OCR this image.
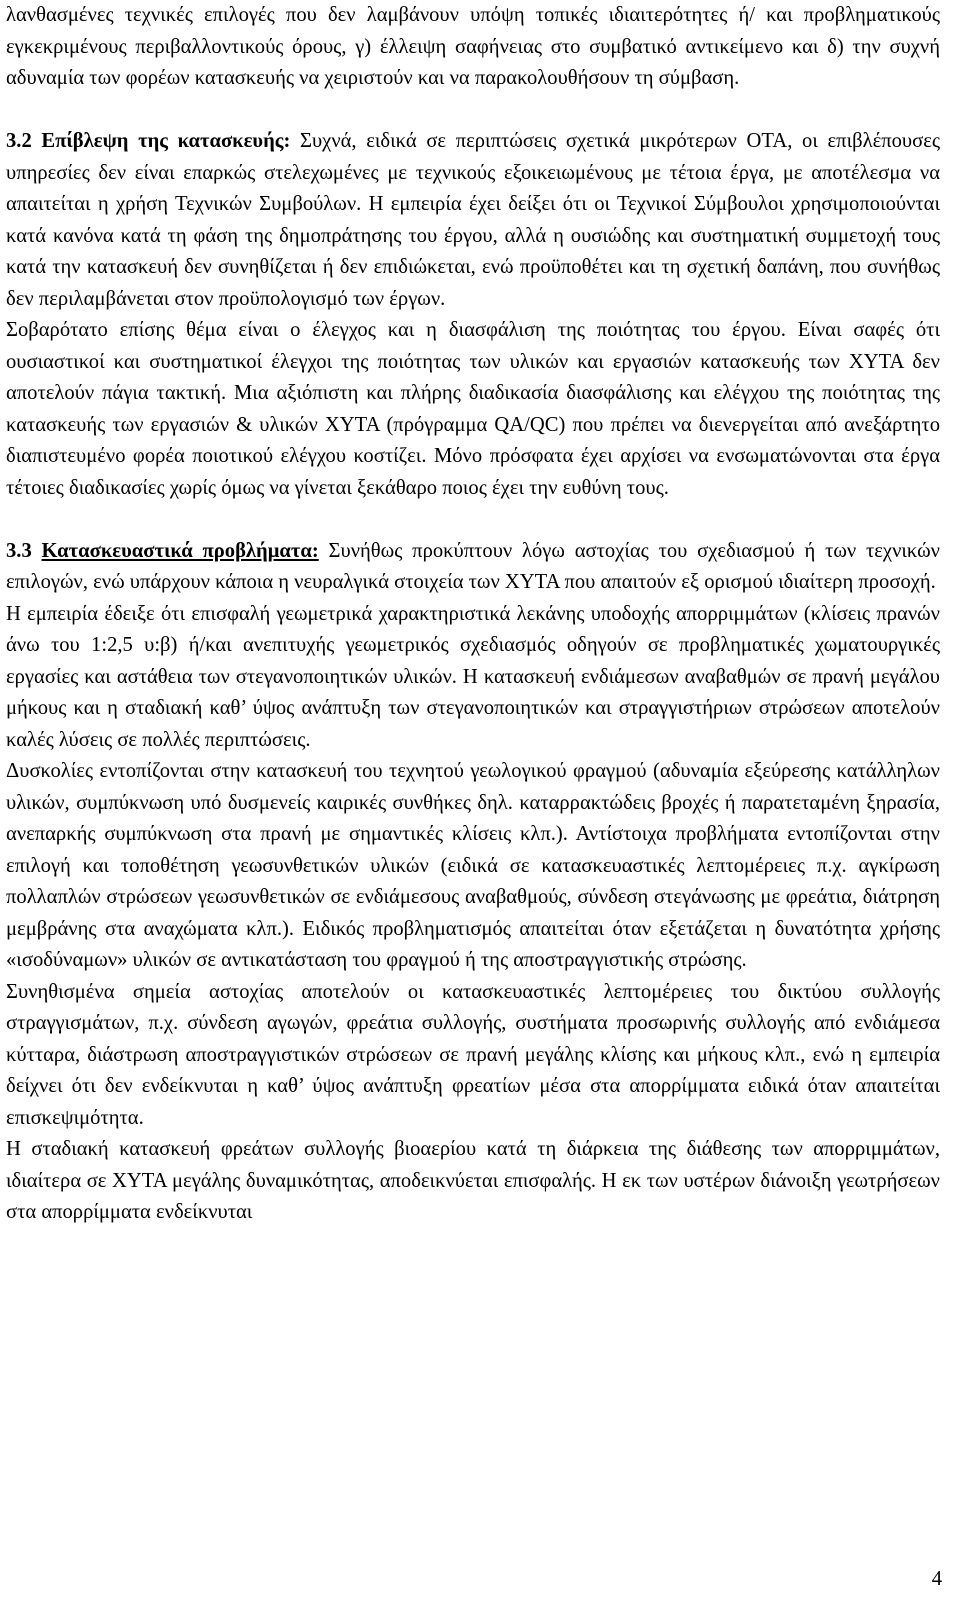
λανθασμένες τεχνικές επιλογές που δεν λαμβάνουν υπόψη τοπικές ιδιαιτερότητες ή/ και προβληματικούς εγκεκριμένους περιβαλλοντικούς όρους, γ) έλλειψη σαφήνειας στο συμβατικό αντικείμενο και δ) την συχνή αδυναμία των φορέων κατασκευής να χειριστούν και να παρακολουθήσουν τη σύμβαση.

3.2 Επίβλεψη της κατασκευής: Συχνά, ειδικά σε περιπτώσεις σχετικά μικρότερων ΟΤΑ, οι επιβλέπουσες υπηρεσίες δεν είναι επαρκώς στελεχωμένες με τεχνικούς εξοικειωμένους με τέτοια έργα, με αποτέλεσμα να απαιτείται η χρήση Τεχνικών Συμβούλων. Η εμπειρία έχει δείξει ότι οι Τεχνικοί Σύμβουλοι χρησιμοποιούνται κατά κανόνα κατά τη φάση της δημοπράτησης του έργου, αλλά η ουσιώδης και συστηματική συμμετοχή τους κατά την κατασκευή δεν συνηθίζεται ή δεν επιδιώκεται, ενώ προϋποθέτει και τη σχετική δαπάνη, που συνήθως δεν περιλαμβάνεται στον προϋπολογισμό των έργων.

Σοβαρότατο επίσης θέμα είναι ο έλεγχος και η διασφάλιση της ποιότητας του έργου. Είναι σαφές ότι ουσιαστικοί και συστηματικοί έλεγχοι της ποιότητας των υλικών και εργασιών κατασκευής των ΧΥΤΑ δεν αποτελούν πάγια τακτική. Μια αξιόπιστη και πλήρης διαδικασία διασφάλισης και ελέγχου της ποιότητας της κατασκευής των εργασιών & υλικών ΧΥΤΑ (πρόγραμμα QA/QC) που πρέπει να διενεργείται από ανεξάρτητο διαπιστευμένο φορέα ποιοτικού ελέγχου κοστίζει. Μόνο πρόσφατα έχει αρχίσει να ενσωματώνονται στα έργα τέτοιες διαδικασίες χωρίς όμως να γίνεται ξεκάθαρο ποιος έχει την ευθύνη τους.

3.3 Κατασκευαστικά προβλήματα: Συνήθως προκύπτουν λόγω αστοχίας του σχεδιασμού ή των τεχνικών επιλογών, ενώ υπάρχουν κάποια η νευραλγικά στοιχεία των ΧΥΤΑ που απαιτούν εξ ορισμού ιδιαίτερη προσοχή.

Η εμπειρία έδειξε ότι επισφαλή γεωμετρικά χαρακτηριστικά λεκάνης υποδοχής απορριμμάτων (κλίσεις πρανών άνω του 1:2,5 υ:β) ή/και ανεπιτυχής γεωμετρικός σχεδιασμός οδηγούν σε προβληματικές χωματουργικές εργασίες και αστάθεια των στεγανοποιητικών υλικών. Η κατασκευή ενδιάμεσων αναβαθμών σε πρανή μεγάλου μήκους και η σταδιακή καθ’ ύψος ανάπτυξη των στεγανοποιητικών και στραγγιστήριων στρώσεων αποτελούν καλές λύσεις σε πολλές περιπτώσεις.

Δυσκολίες εντοπίζονται στην κατασκευή του τεχνητού γεωλογικού φραγμού (αδυναμία εξεύρεσης κατάλληλων υλικών, συμπύκνωση υπό δυσμενείς καιρικές συνθήκες δηλ. καταρρακτώδεις βροχές ή παρατεταμένη ξηρασία, ανεπαρκής συμπύκνωση στα πρανή με σημαντικές κλίσεις κλπ.). Αντίστοιχα προβλήματα εντοπίζονται στην επιλογή και τοποθέτηση γεωσυνθετικών υλικών (ειδικά σε κατασκευαστικές λεπτομέρειες π.χ. αγκίρωση πολλαπλών στρώσεων γεωσυνθετικών σε ενδιάμεσους αναβαθμούς, σύνδεση στεγάνωσης με φρεάτια, διάτρηση μεμβράνης στα αναχώματα κλπ.). Ειδικός προβληματισμός απαιτείται όταν εξετάζεται η δυνατότητα χρήσης «ισοδύναμων» υλικών σε αντικατάσταση του φραγμού ή της αποστραγγιστικής στρώσης.

Συνηθισμένα σημεία αστοχίας αποτελούν οι κατασκευαστικές λεπτομέρειες του δικτύου συλλογής στραγγισμάτων, π.χ. σύνδεση αγωγών, φρεάτια συλλογής, συστήματα προσωρινής συλλογής από ενδιάμεσα κύτταρα, διάστρωση αποστραγγιστικών στρώσεων σε πρανή μεγάλης κλίσης και μήκους κλπ., ενώ η εμπειρία δείχνει ότι δεν ενδείκνυται η καθ’ ύψος ανάπτυξη φρεατίων μέσα στα απορρίμματα ειδικά όταν απαιτείται επισκεψιμότητα.

Η σταδιακή κατασκευή φρεάτων συλλογής βιοαερίου κατά τη διάρκεια της διάθεσης των απορριμμάτων, ιδιαίτερα σε ΧΥΤΑ μεγάλης δυναμικότητας, αποδεικνύεται επισφαλής. Η εκ των υστέρων διάνοιξη γεωτρήσεων στα απορρίμματα ενδείκνυται

4
